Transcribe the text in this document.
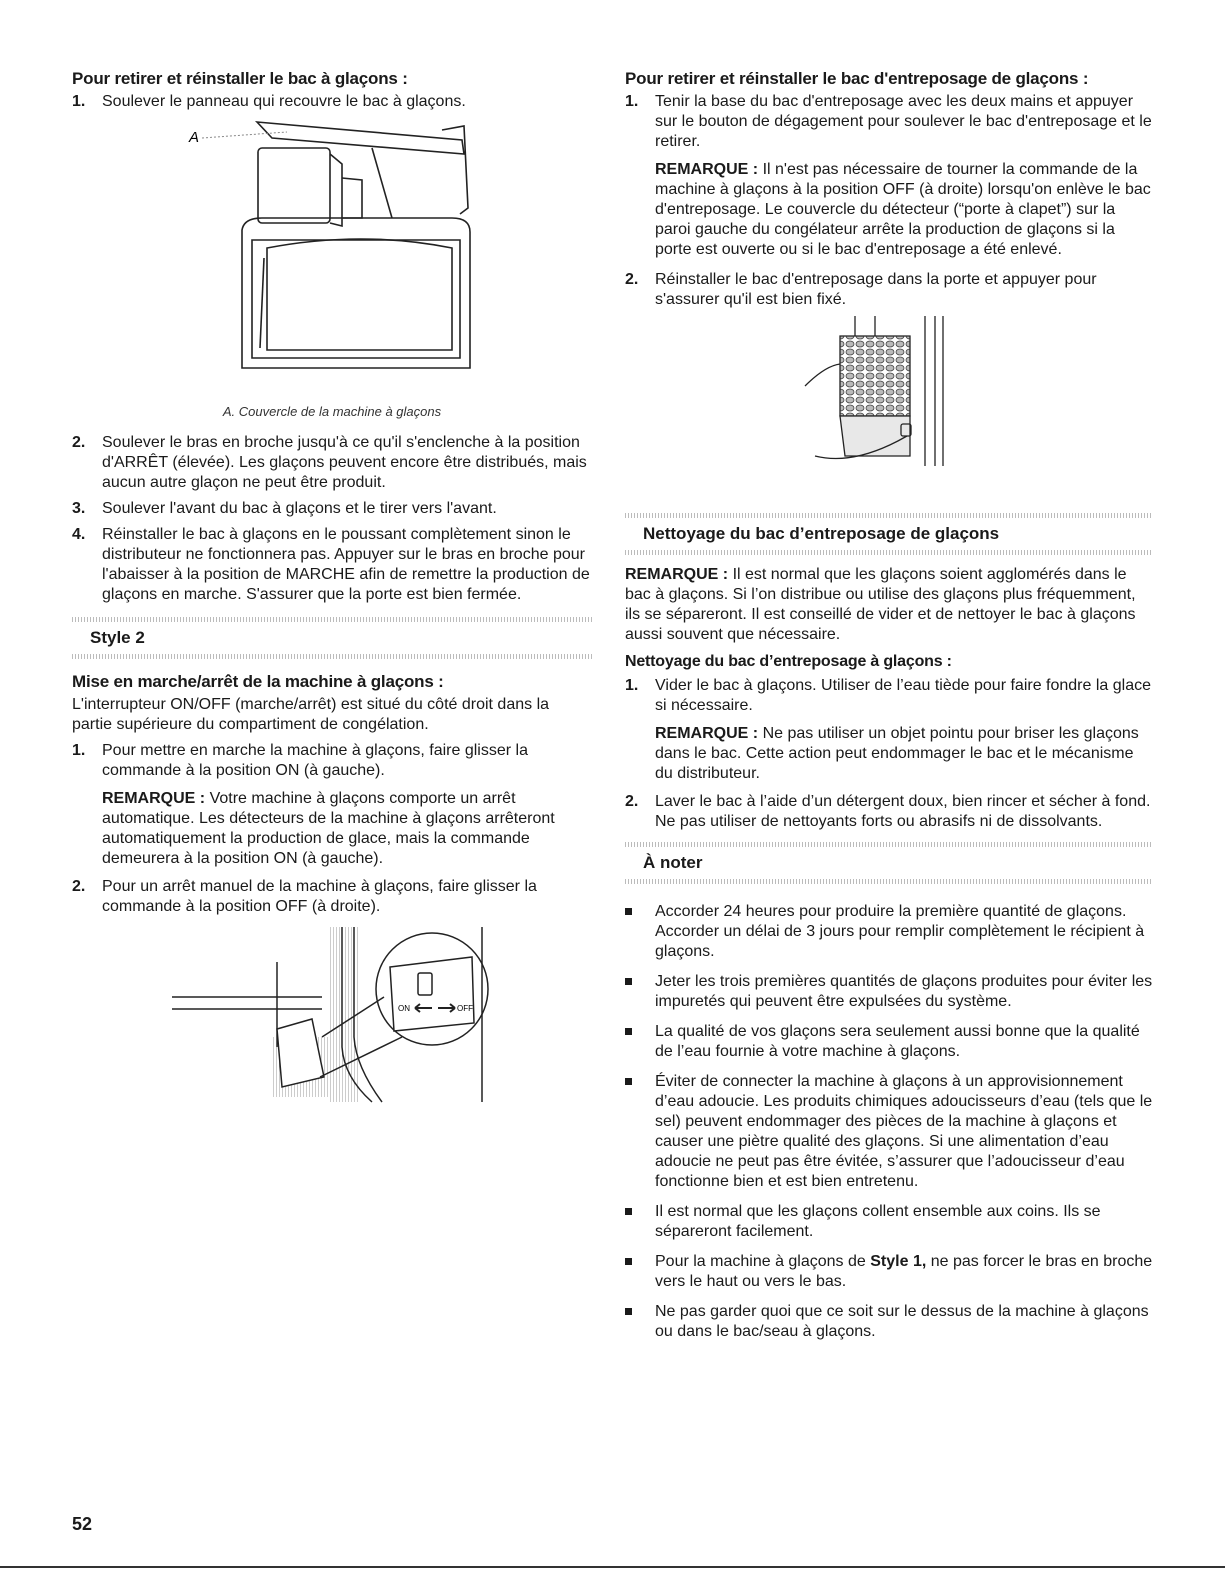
Pour retirer et réinstaller le bac à glaçons :
1. Soulever le panneau qui recouvre le bac à glaçons.
A
A. Couvercle de la machine à glaçons
2. Soulever le bras en broche jusqu'à ce qu'il s'enclenche à la position d'ARRÊT (élevée). Les glaçons peuvent encore être distribués, mais aucun autre glaçon ne peut être produit.
3. Soulever l'avant du bac à glaçons et le tirer vers l'avant.
4. Réinstaller le bac à glaçons en le poussant complètement sinon le distributeur ne fonctionnera pas. Appuyer sur le bras en broche pour l'abaisser à la position de MARCHE afin de remettre la production de glaçons en marche. S'assurer que la porte est bien fermée.
Style 2
Mise en marche/arrêt de la machine à glaçons :

L'interrupteur ON/OFF (marche/arrêt) est situé du côté droit dans la partie supérieure du compartiment de congélation.

1. Pour mettre en marche la machine à glaçons, faire glisser la commande à la position ON (à gauche).

REMARQUE : Votre machine à glaçons comporte un arrêt automatique. Les détecteurs de la machine à glaçons arrêteront automatiquement la production de glace, mais la commande demeurera à la position ON (à gauche).

2. Pour un arrêt manuel de la machine à glaçons, faire glisser la commande à la position OFF (à droite).
ON	OFF
Pour retirer et réinstaller le bac d'entreposage de glaçons :
1. Tenir la base du bac d'entreposage avec les deux mains et appuyer sur le bouton de dégagement pour soulever le bac d'entreposage et le retirer.

REMARQUE : Il n'est pas nécessaire de tourner la commande de la machine à glaçons à la position OFF (à droite) lorsqu'on enlève le bac d'entreposage. Le couvercle du détecteur (“porte à clapet”) sur la paroi gauche du congélateur arrête la production de glaçons si la porte est ouverte ou si le bac d'entreposage a été enlevé.

2. Réinstaller le bac d'entreposage dans la porte et appuyer pour s'assurer qu'il est bien fixé.
Nettoyage du bac d’entreposage de glaçons

REMARQUE : Il est normal que les glaçons soient agglomérés dans le bac à glaçons. Si l’on distribue ou utilise des glaçons plus fréquemment, ils se sépareront. Il est conseillé de vider et de nettoyer le bac à glaçons aussi souvent que nécessaire.

Nettoyage du bac d’entreposage à glaçons :
1. Vider le bac à glaçons. Utiliser de l’eau tiède pour faire fondre la glace si nécessaire.

REMARQUE : Ne pas utiliser un objet pointu pour briser les glaçons dans le bac. Cette action peut endommager le bac et le mécanisme du distributeur.

2. Laver le bac à l’aide d’un détergent doux, bien rincer et sécher à fond. Ne pas utiliser de nettoyants forts ou abrasifs ni de dissolvants.
À noter
Accorder 24 heures pour produire la première quantité de glaçons. Accorder un délai de 3 jours pour remplir complètement le récipient à glaçons.
Jeter les trois premières quantités de glaçons produites pour éviter les impuretés qui peuvent être expulsées du système.
La qualité de vos glaçons sera seulement aussi bonne que la qualité de l’eau fournie à votre machine à glaçons.
Éviter de connecter la machine à glaçons à un approvisionnement d’eau adoucie. Les produits chimiques adoucisseurs d’eau (tels que le sel) peuvent endommager des pièces de la machine à glaçons et causer une piètre qualité des glaçons. Si une alimentation d’eau adoucie ne peut pas être évitée, s’assurer que l’adoucisseur d’eau fonctionne bien et est bien entretenu.
Il est normal que les glaçons collent ensemble aux coins. Ils se sépareront facilement.
Pour la machine à glaçons de Style 1, ne pas forcer le bras en broche vers le haut ou vers le bas.
Ne pas garder quoi que ce soit sur le dessus de la machine à glaçons ou dans le bac/seau à glaçons.
52
